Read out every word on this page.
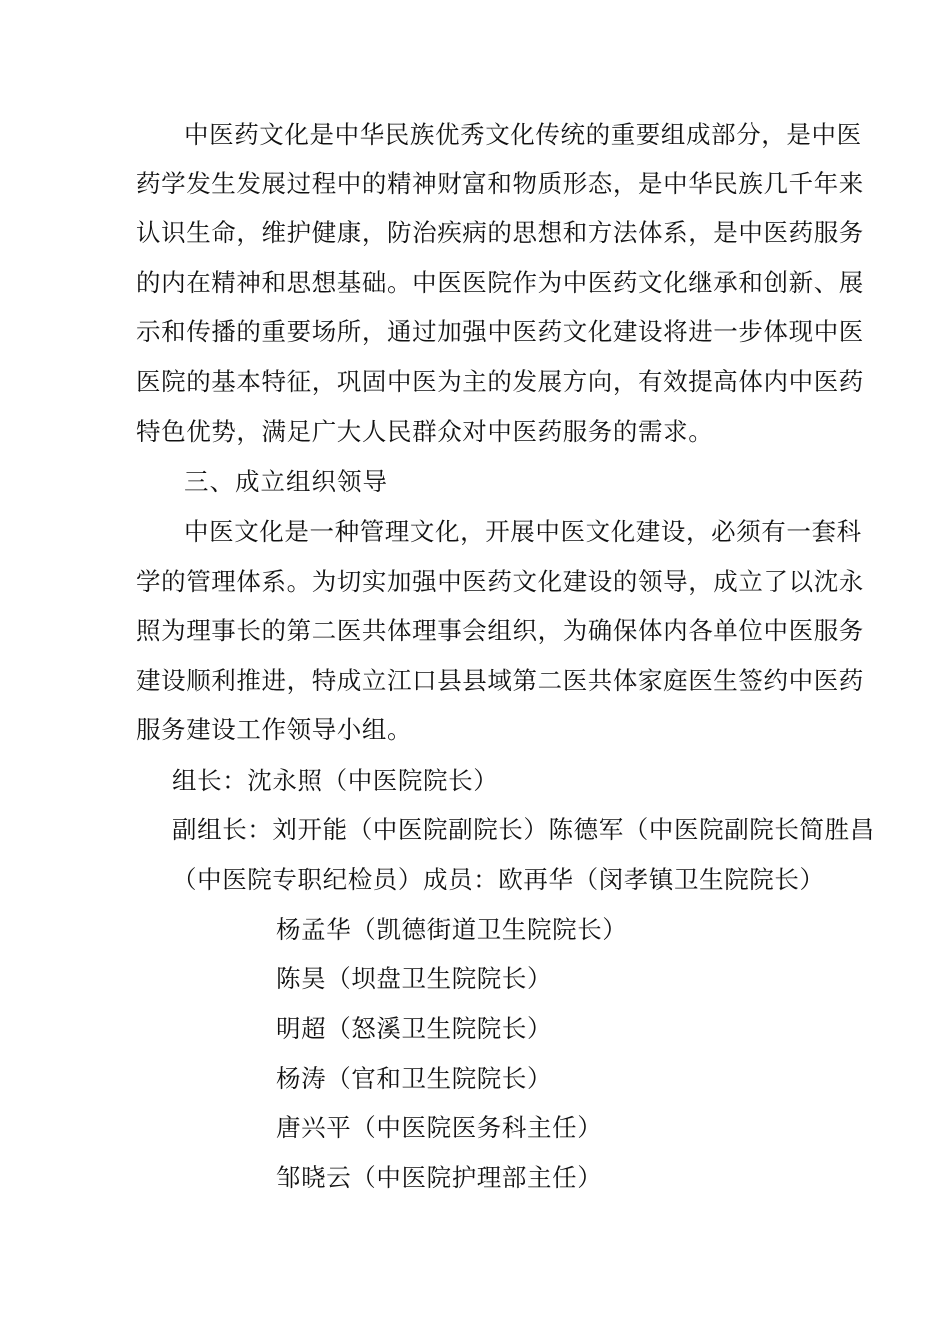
中医药文化是中华民族优秀文化传统的重要组成部分，是中医
药学发生发展过程中的精神财富和物质形态，是中华民族几千年来
认识生命，维护健康，防治疾病的思想和方法体系，是中医药服务
的内在精神和思想基础。中医医院作为中医药文化继承和创新、展
示和传播的重要场所，通过加强中医药文化建设将进一步体现中医
医院的基本特征，巩固中医为主的发展方向，有效提高体内中医药
特色优势，满足广大人民群众对中医药服务的需求。
三、成立组织领导
中医文化是一种管理文化，开展中医文化建设，必须有一套科
学的管理体系。为切实加强中医药文化建设的领导，成立了以沈永
照为理事长的第二医共体理事会组织，为确保体内各单位中医服务
建设顺利推进，特成立江口县县域第二医共体家庭医生签约中医药
服务建设工作领导小组。
组长：沈永照（中医院院长）
副组长：刘开能（中医院副院长）陈德军（中医院副院长简胜昌
（中医院专职纪检员）成员：欧再华（闵孝镇卫生院院长）
杨孟华（凯德街道卫生院院长）
陈昊（坝盘卫生院院长）
明超（怒溪卫生院院长）
杨涛（官和卫生院院长）
唐兴平（中医院医务科主任）
邹晓云（中医院护理部主任）
